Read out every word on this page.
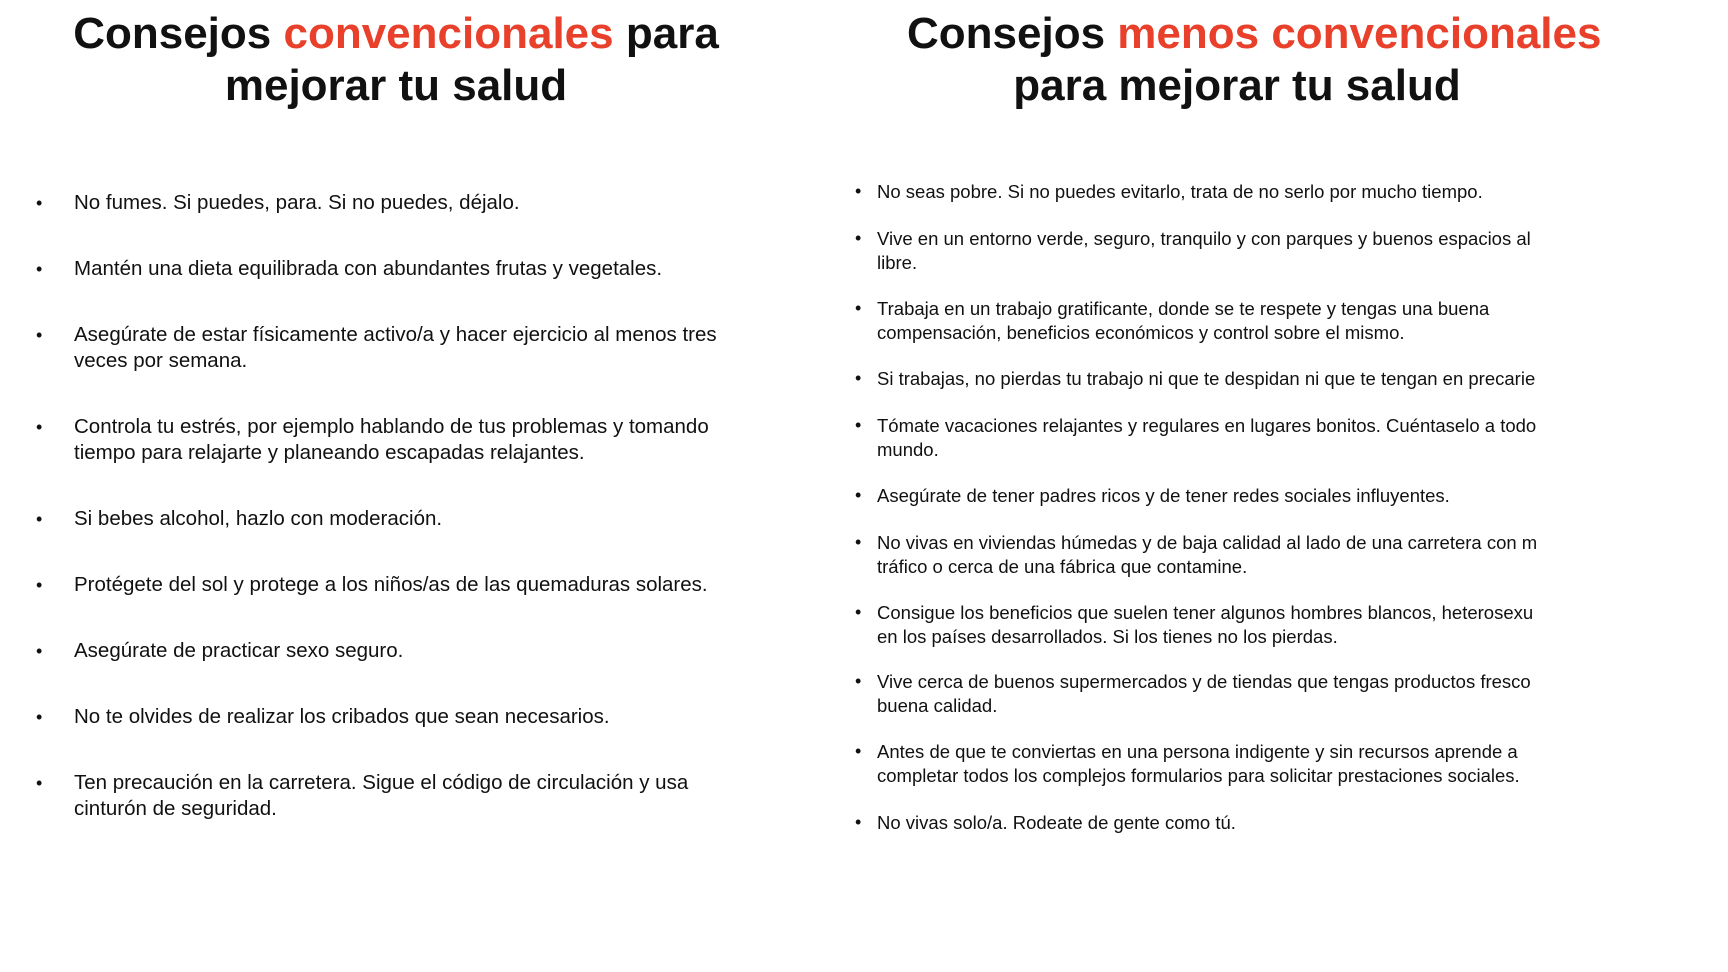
Consejos convencionales para
mejorar tu salud
• No fumes. Si puedes, para. Si no puedes, déjalo.
• Mantén una dieta equilibrada con abundantes frutas y vegetales.
• Asegúrate de estar físicamente activo/a y hacer ejercicio al menos tres
veces por semana.
• Controla tu estrés, por ejemplo hablando de tus problemas y tomando
tiempo para relajarte y planeando escapadas relajantes.
• Si bebes alcohol, hazlo con moderación.
• Protégete del sol y protege a los niños/as de las quemaduras solares.
• Asegúrate de practicar sexo seguro.
• No te olvides de realizar los cribados que sean necesarios.
• Ten precaución en la carretera. Sigue el código de circulación y usa
cinturón de seguridad.
Consejos menos convencionales
para mejorar tu salud
• No seas pobre. Si no puedes evitarlo, trata de no serlo por mucho tiempo.
• Vive en un entorno verde, seguro, tranquilo y con parques y buenos espacios al
libre.
• Trabaja en un trabajo gratificante, donde se te respete y tengas una buena
compensación, beneficios económicos y control sobre el mismo.
• Si trabajas, no pierdas tu trabajo ni que te despidan ni que te tengan en precarie
• Tómate vacaciones relajantes y regulares en lugares bonitos. Cuéntaselo a todo
mundo.
• Asegúrate de tener padres ricos y de tener redes sociales influyentes.
• No vivas en viviendas húmedas y de baja calidad al lado de una carretera con m
tráfico o cerca de una fábrica que contamine.
• Consigue los beneficios que suelen tener algunos hombres blancos, heterosexu
en los países desarrollados. Si los tienes no los pierdas.
• Vive cerca de buenos supermercados y de tiendas que tengas productos fresco
buena calidad.
• Antes de que te conviertas en una persona indigente y sin recursos aprende a
completar todos los complejos formularios para solicitar prestaciones sociales.
• No vivas solo/a. Rodeate de gente como tú.
